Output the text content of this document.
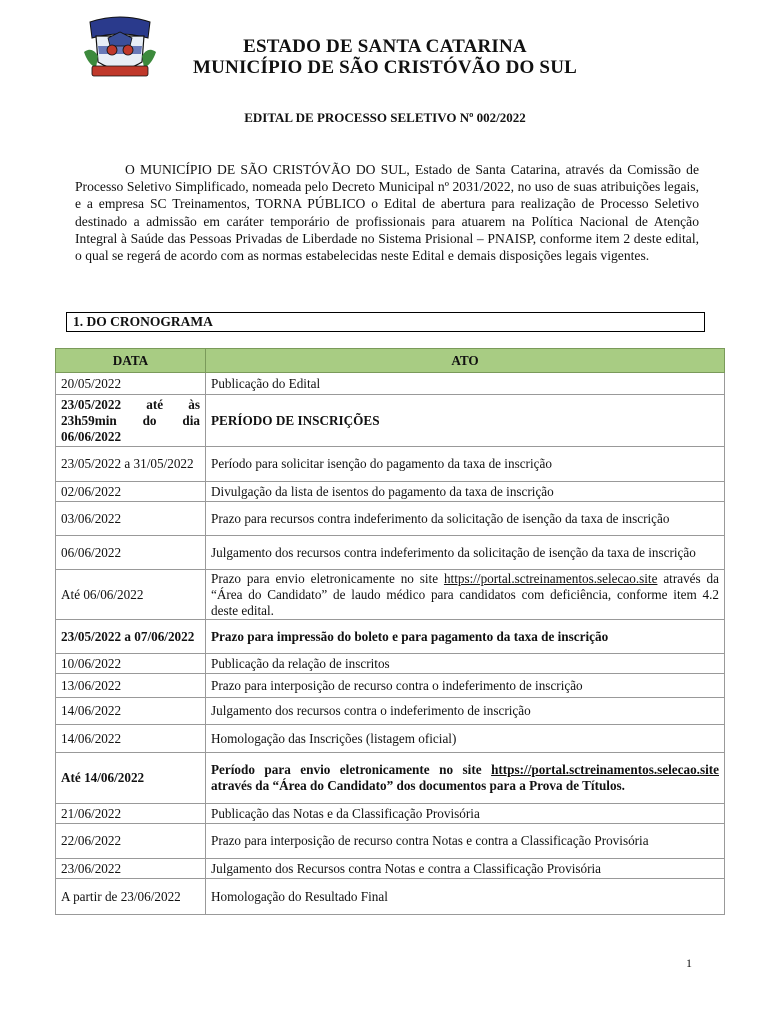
ESTADO DE SANTA CATARINA
MUNICÍPIO DE SÃO CRISTÓVÃO DO SUL
EDITAL DE PROCESSO SELETIVO Nº 002/2022

O MUNICÍPIO DE SÃO CRISTÓVÃO DO SUL, Estado de Santa Catarina, através da Comissão de Processo Seletivo Simplificado, nomeada pelo Decreto Municipal nº 2031/2022, no uso de suas atribuições legais, e a empresa SC Treinamentos, TORNA PÚBLICO o Edital de abertura para realização de Processo Seletivo destinado a admissão em caráter temporário de profissionais para atuarem na Política Nacional de Atenção Integral à Saúde das Pessoas Privadas de Liberdade no Sistema Prisional – PNAISP, conforme item 2 deste edital, o qual se regerá de acordo com as normas estabelecidas neste Edital e demais disposições legais vigentes.

1. DO CRONOGRAMA
DATA	ATO
20/05/2022	Publicação do Edital
23/05/2022 até às 23h59min do dia 06/06/2022	PERÍODO DE INSCRIÇÕES
23/05/2022 a 31/05/2022	Período para solicitar isenção do pagamento da taxa de inscrição
02/06/2022	Divulgação da lista de isentos do pagamento da taxa de inscrição
03/06/2022	Prazo para recursos contra indeferimento da solicitação de isenção da taxa de inscrição
06/06/2022	Julgamento dos recursos contra indeferimento da solicitação de isenção da taxa de inscrição
Até 06/06/2022	Prazo para envio eletronicamente no site https://portal.sctreinamentos.selecao.site através da “Área do Candidato” de laudo médico para candidatos com deficiência, conforme item 4.2 deste edital.
23/05/2022 a 07/06/2022	Prazo para impressão do boleto e para pagamento da taxa de inscrição
10/06/2022	Publicação da relação de inscritos
13/06/2022	Prazo para interposição de recurso contra o indeferimento de inscrição
14/06/2022	Julgamento dos recursos contra o indeferimento de inscrição
14/06/2022	Homologação das Inscrições (listagem oficial)
Até 14/06/2022	Período para envio eletronicamente no site https://portal.sctreinamentos.selecao.site através da “Área do Candidato” dos documentos para a Prova de Títulos.
21/06/2022	Publicação das Notas e da Classificação Provisória
22/06/2022	Prazo para interposição de recurso contra Notas e contra a Classificação Provisória
23/06/2022	Julgamento dos Recursos contra Notas e contra a Classificação Provisória
A partir de 23/06/2022	Homologação do Resultado Final
1
